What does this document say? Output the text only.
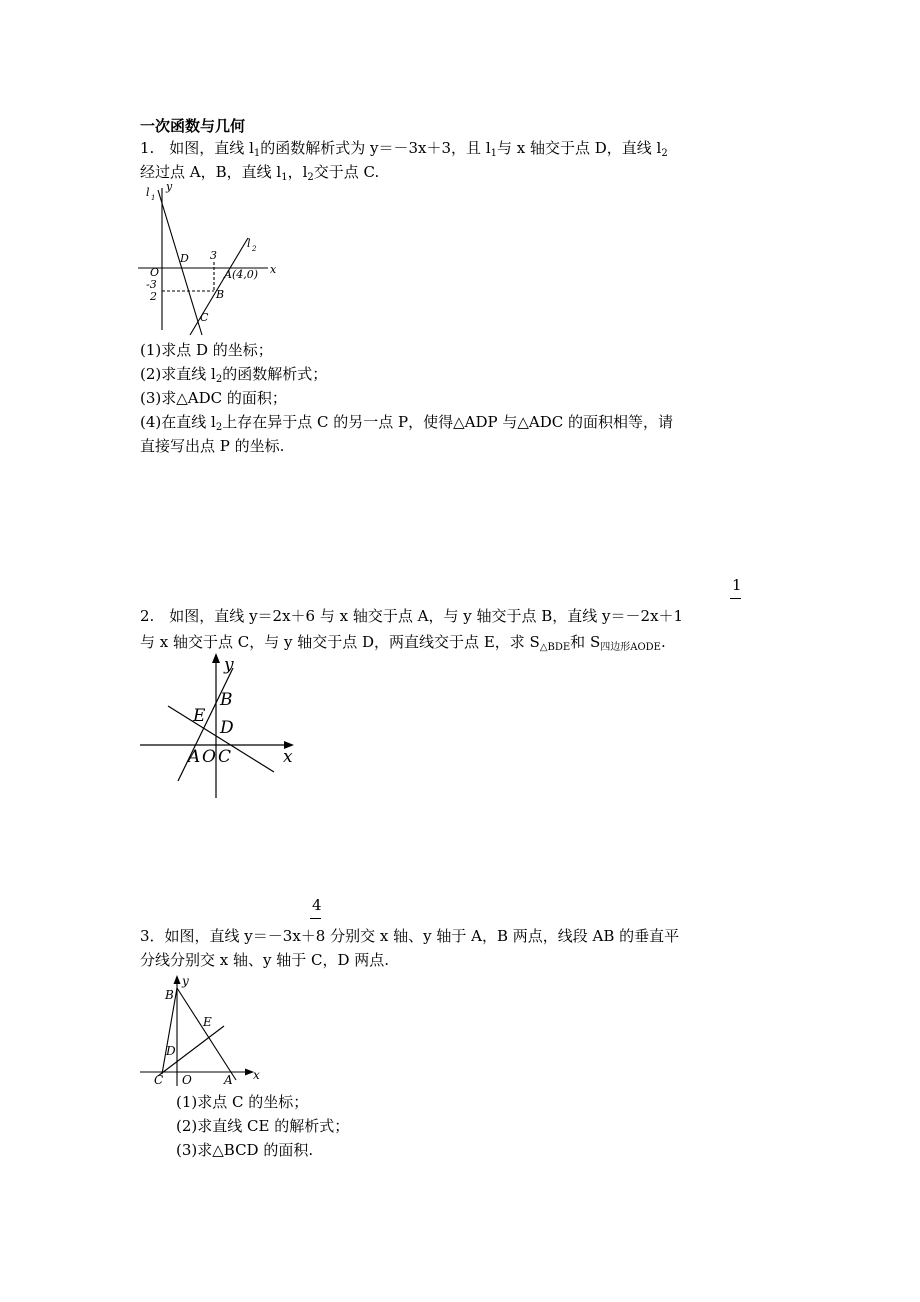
一次函数与几何
1.　如图，直线 $l_1$的函数解析式为 y＝－3x＋3，且 $l_1$与 x 轴交于点 D，直线 $l_2$
经过点 A，B，直线 $l_1$，$l_2$交于点 C.
l 1
y
D 3
l 2
O	A (4,0) x
-3
2	B
C
(1)求点 D 的坐标；
(2)求直线 $l_2$的函数解析式；
(3)求△ADC 的面积；
(4)在直线 $l_2$上存在异于点 C 的另一点 P，使得△ADP 与△ADC 的面积相等，请
直接写出点 P 的坐标.
1
2.　如图，直线 y＝2x＋6 与 x 轴交于点 A，与 y 轴交于点 B，直线 y＝－2x＋1
与 x 轴交于点 C，与 y 轴交于点 D，两直线交于点 E，求 $S_{\triangle BDE}$和 $S_{四边形AODE}$.
y
B
E
D
A O C	x
4
3．如图，直线 y＝－3x＋8 分别交 x 轴、y 轴于 A，B 两点，线段 AB 的垂直平
分线分别交 x 轴、y 轴于 C，D 两点.
y
B
E
D
C O	A x
(1)求点 C 的坐标；
(2)求直线 CE 的解析式；
(3)求△BCD 的面积.
